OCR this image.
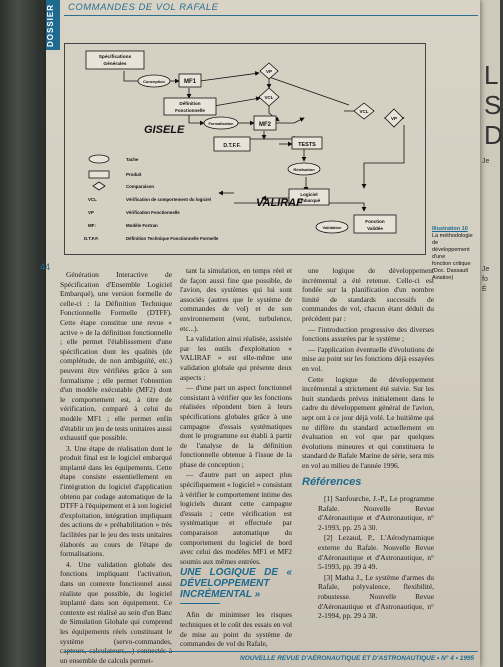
L
S
D
Je
Je
fo
É
DOSSIER	COMMANDES DE VOL RAFALE
Spécifications
Générales
Conception	MF1
VP
Définition
Fonctionnelle
VCL
GISELE	Formalisation	MF2
VCL
VP
D.T.F.F.	TESTS
Réalisation
Logiciel
Embarqué
Validation
Fonction
Validée
VALIRAF
Tache
Produit
Comparaison
VCL	Vérification de comportement du logiciel
VP	Vérification Fonctionnelle
MF:	Modèle Fortran
D.T.F.F.	Définition Technique Fonctionnelle Formelle
Illustration 10
La méthodologie de
développement d'une
fonction critique
(Doc. Dassault Aviation)
44

Génération Interactive de Spécification d'Ensemble Logiciel Embarqué), une version formelle de celle-ci : la Définition Technique Fonctionnelle Formelle (DTFF). Cette étape constitue une revue « active » de la définition fonctionnelle ; elle permet l'établissement d'une spécification dont les qualités (de complétude, de non ambiguïté, etc.) peuvent être vérifiées grâce à son formalisme ; elle permet l'obtention d'un modèle exécutable (MF2) dont le comportement est, à titre de vérification, comparé à celui du modèle MF1 ; elle permet enfin d'établir un jeu de tests unitaires aussi exhaustif que possible.

3. Une étape de réalisation dont le produit final est le logiciel embarqué implanté dans les équipements. Cette étape consiste essentiellement en l'intégration du logiciel d'application obtenu par codage automatique de la DTFF à l'équipement et à son logiciel d'exploitation, intégration impliquant des actions de « préhabilitation » très facilitées par le jeu des tests unitaires élaborés au cours de l'étape de formalisations.

4. Une validation globale des fonctions impliquant l'activation, dans un contexte fonctionnel aussi réaliste que possible, du logiciel implanté dans son équipement. Ce contexte est réalisé au sein d'un Banc de Simulation Globale qui comprend les équipements réels constituant le système (servo-commandes, capteurs, calculateurs,...) connectés à un ensemble de calculs permet-

tant la simulation, en temps réel et de façon aussi fine que possible, de l'avion, des systèmes qui lui sont associés (autres que le système de commandes de vol) et de son environnement (vent, turbulence, etc...).

La validation ainsi réalisée, assistée par les outils d'exploitation « VALIRAF » est elle-même une validation globale qui présente deux aspects :

— d'une part un aspect fonctionnel consistant à vérifier que les fonctions réalisées répondent bien à leurs spécifications globales grâce à une campagne d'essais systématiques dont le programme est établi à partir de l'analyse de la définition fonctionnelle obtenue à l'issue de la phase de conception ;

— d'autre part un aspect plus spécifiquement « logiciel » consistant à vérifier le comportement intime des logiciels durant cette campagne d'essais ; cette vérification est systématique et effectuée par comparaison automatique du comportement du logiciel de bord avec celui des modèles MF1 et MF2 soumis aux mêmes entrées.

UNE LOGIQUE DE « DÉVELOPPEMENT INCRÉMENTAL »

Afin de minimiser les risques techniques et le coût des essais en vol de mise au point du système de commandes de vol du Rafale,

une logique de développement incrémental a été retenue. Celle-ci est fondée sur la planification d'un nombre limité de standards successifs de commandes de vol, chacun étant déduit du précédent par :

— l'introduction progressive des diverses fonctions assurées par le système ;

— l'application éventuelle d'évolutions de mise au point sur les fonctions déjà essayées en vol.

Cette logique de développement incrémental a strictement été suivie. Sur les huit standards prévus initialement dans le cadre du développement général de l'avion, sept ont à ce jour déjà volé. Le huitième qui ne diffère du standard actuellement en évaluation en vol que par quelques évolutions mineures et qui constituera le standard de Rafale Marine de série, sera mis en vol au milieu de l'année 1996.

Références

[1] Sanfourche, J.-P., Le programme Rafale. Nouvelle Revue d'Aéronautique et d'Astronautique, n° 2-1993, pp. 25 à 30.

[2] Lezaud, P., L'Aérodynamique externe du Rafale. Nouvelle Revue d'Aéronautique et d'Astronautique, n° 5-1993, pp. 39 à 49.

[3] Matha J., Le système d'armes du Rafale, polyvalence, flexibilité, robustesse. Nouvelle Revue d'Aéronautique et d'Astronautique, n° 2-1994, pp. 29 à 38.

NOUVELLE REVUE D'AÉRONAUTIQUE ET D'ASTRONAUTIQUE • N° 4 • 1995
